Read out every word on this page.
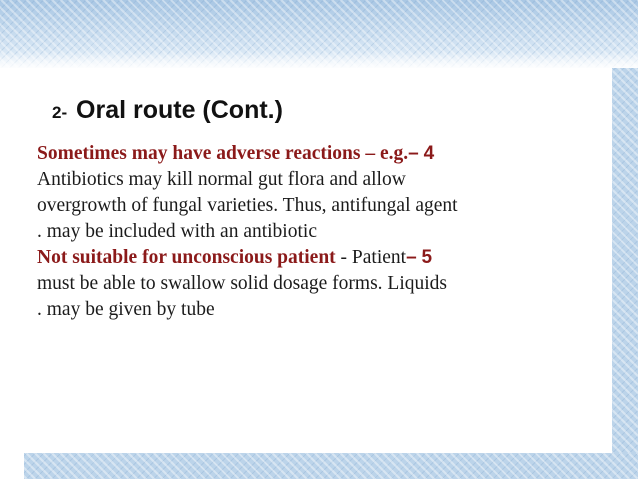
2- Oral route (Cont.)
Sometimes may have adverse reactions – e.g.– 4
Antibiotics may kill normal gut flora and allow
overgrowth of fungal varieties. Thus, antifungal agent
. may be included with an antibiotic
Not suitable for unconscious patient - Patient– 5
must be able to swallow solid dosage forms. Liquids
. may be given by tube
